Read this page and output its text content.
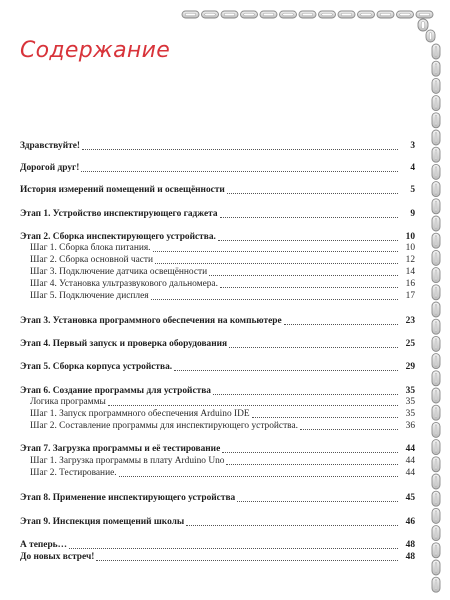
Содержание
Здравствуйте!	3
Дорогой друг!	4
История измерений помещений и освещённости	5
Этап 1. Устройство инспектирующего гаджета	9
Этап 2. Сборка инспектирующего устройства.	10
Шаг 1. Сборка блока питания.	10
Шаг 2. Сборка основной части	12
Шаг 3. Подключение датчика освещённости	14
Шаг 4. Установка ультразвукового дальномера.	16
Шаг 5. Подключение дисплея	17
Этап 3. Установка программного обеспечения на компьютере	23
Этап 4. Первый запуск и проверка оборудования	25
Этап 5. Сборка корпуса устройства.	29
Этап 6. Создание программы для устройства	35
Логика программы	35
Шаг 1. Запуск программного обеспечения Arduino IDE	35
Шаг 2. Составление программы для инспектирующего устройства.	36
Этап 7. Загрузка программы и её тестирование	44
Шаг 1. Загрузка программы в плату Arduino Uno	44
Шаг 2. Тестирование.	44
Этап 8. Применение инспектирующего устройства	45
Этап 9. Инспекция помещений школы	46
А теперь…	48
До новых встреч!	48
